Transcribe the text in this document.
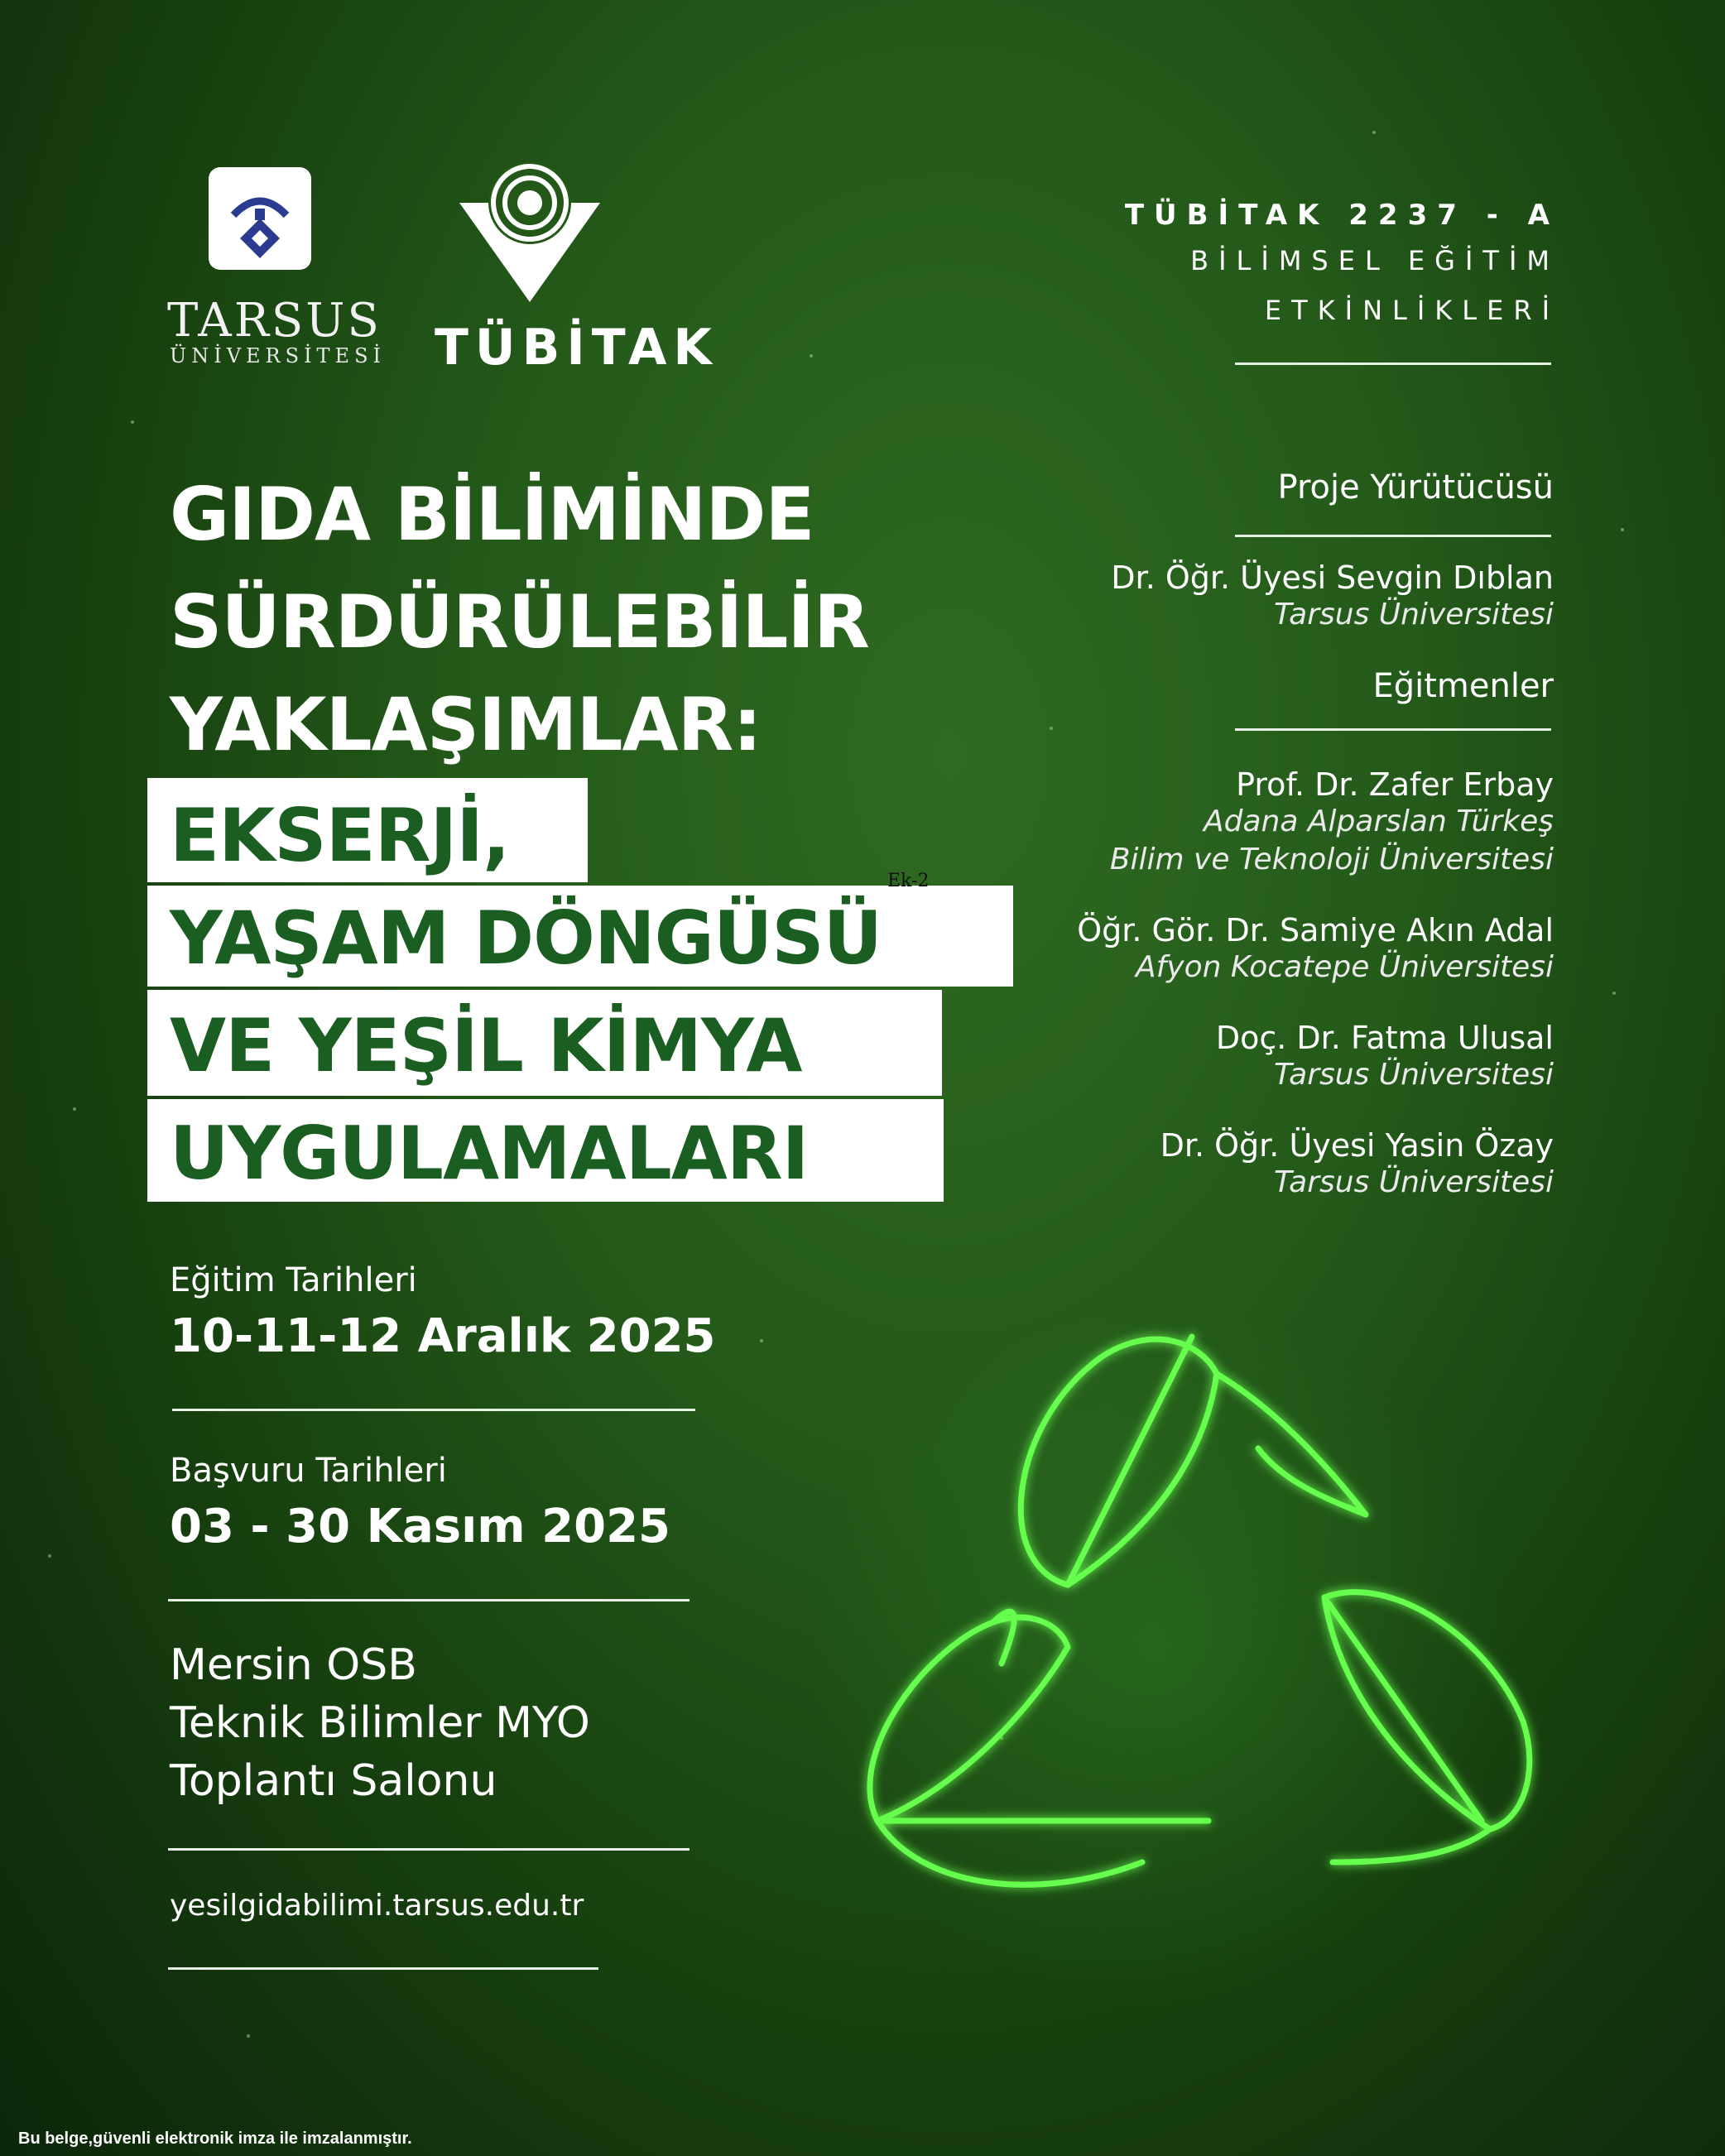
TARSUS
ÜNİVERSİTESİ TÜBİTAK
TÜBİTAK 2237 - A
BİLİMSEL EĞİTİM
ETKİNLİKLERİ
GIDA BİLİMİNDE
SÜRDÜRÜLEBİLİR
YAKLAŞIMLAR:
EKSERJİ,
YAŞAM DÖNGÜSÜ
VE YEŞİL KİMYA
UYGULAMALARI
Ek-2
Eğitim Tarihleri
10-11-12 Aralık 2025
Başvuru Tarihleri
03 - 30 Kasım 2025
Mersin OSB
Teknik Bilimler MYO
Toplantı Salonu
yesilgidabilimi.tarsus.edu.tr
Proje Yürütücüsü
Dr. Öğr. Üyesi Sevgin Dıblan
Tarsus Üniversitesi
Eğitmenler
Prof. Dr. Zafer Erbay
Adana Alparslan Türkeş
Bilim ve Teknoloji Üniversitesi
Öğr. Gör. Dr. Samiye Akın Adal
Afyon Kocatepe Üniversitesi
Doç. Dr. Fatma Ulusal
Tarsus Üniversitesi
Dr. Öğr. Üyesi Yasin Özay
Tarsus Üniversitesi
Bu belge,güvenli elektronik imza ile imzalanmıştır.
